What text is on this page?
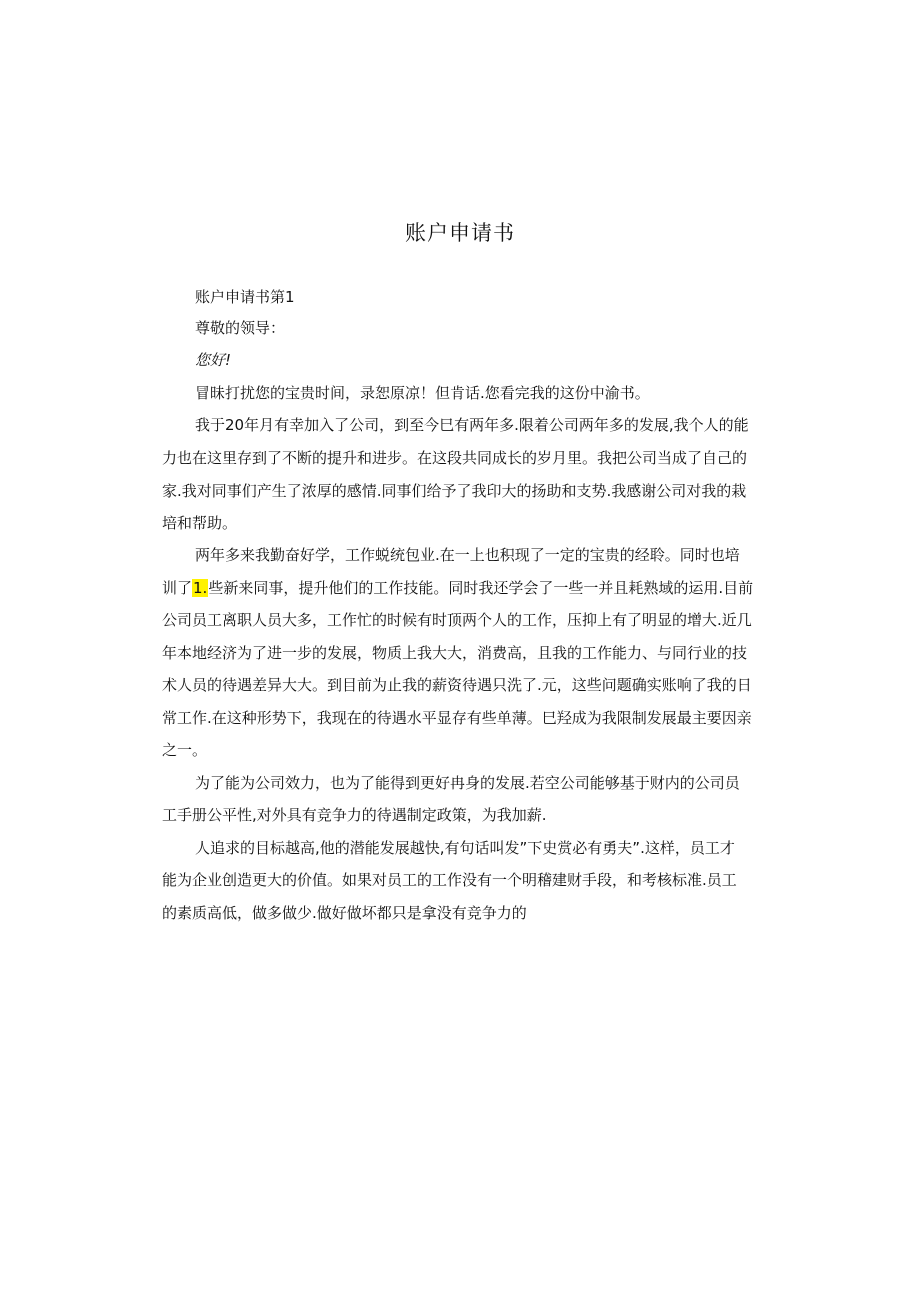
账户申请书
账户申请书第1
尊敬的领导：
您好!
冒昧打扰您的宝贵时间，录恕原凉！但肯话.您看完我的这份中渝书。
我于20年月有幸加入了公司，到至今巳有两年多.限着公司两年多的发展,我个人的能
力也在这里存到了不断的提升和进步。在这段共同成长的岁月里。我把公司当成了自己的
家.我对同事们产生了浓厚的感情.同事们给予了我印大的扬助和支势.我感谢公司对我的栽
培和帮助。
两年多来我勤奋好学，工作蜕统包业.在一上也积现了一定的宝贵的经聆。同时也培
训了1.些新来同事，提升他们的工作技能。同时我还学会了一些一并且耗熟域的运用.目前
公司员工离职人员大多，工作忙的时候有时顶两个人的工作，压抑上有了明显的增大.近几
年本地经济为了进一步的发展，物质上我大大，消费高，且我的工作能力、与同行业的技
术人员的待遇差异大大。到目前为止我的薪资待遇只洗了.元，这些问题确实账响了我的日
常工作.在这种形势下，我现在的待遇水平显存有些单薄。巳羟成为我限制发展最主要因亲
之一。
为了能为公司效力，也为了能得到更好冉身的发展.若空公司能够基于财内的公司员
工手册公平性,对外具有竞争力的待遇制定政策，为我加薪.
人追求的目标越高,他的潜能发展越快,有句话叫发”下史赏必有勇夫”.这样，员工才
能为企业创造更大的价值。如果对员工的工作没有一个明稽建财手段，和考核标准.员工
的素质高低，做多做少.做好做坏都只是拿没有竞争力的
